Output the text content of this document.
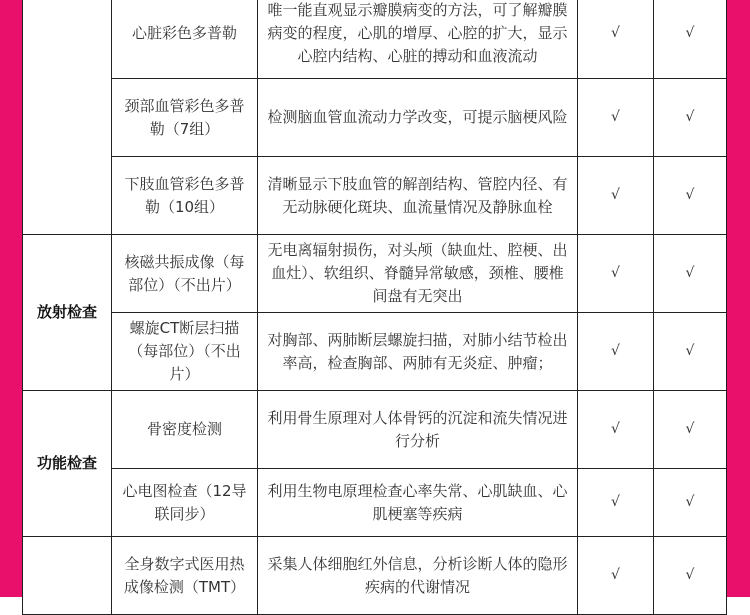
	心脏彩色多普勒	唯一能直观显示瓣膜病变的方法，可了解瓣膜病变的程度，心肌的增厚、心腔的扩大，显示心腔内结构、心脏的搏动和血液流动	√	√
	颈部血管彩色多普勒（7组）	检测脑血管血流动力学改变，可提示脑梗风险	√	√
	下肢血管彩色多普勒（10组）	清晰显示下肢血管的解剖结构、管腔内径、有无动脉硬化斑块、血流量情况及静脉血栓	√	√
放射检查	核磁共振成像（每部位）（不出片）	无电离辐射损伤，对头颅（缺血灶、腔梗、出血灶）、软组织、脊髓异常敏感，颈椎、腰椎间盘有无突出	√	√
	螺旋CT断层扫描（每部位）（不出片）	对胸部、两肺断层螺旋扫描，对肺小结节检出率高，检查胸部、两肺有无炎症、肿瘤；	√	√
功能检查	骨密度检测	利用骨生原理对人体骨钙的沉淀和流失情况进行分析	√	√
	心电图检查（12导联同步）	利用生物电原理检查心率失常、心肌缺血、心肌梗塞等疾病	√	√
	全身数字式医用热成像检测（TMT）	采集人体细胞红外信息，分析诊断人体的隐形疾病的代谢情况	√	√
